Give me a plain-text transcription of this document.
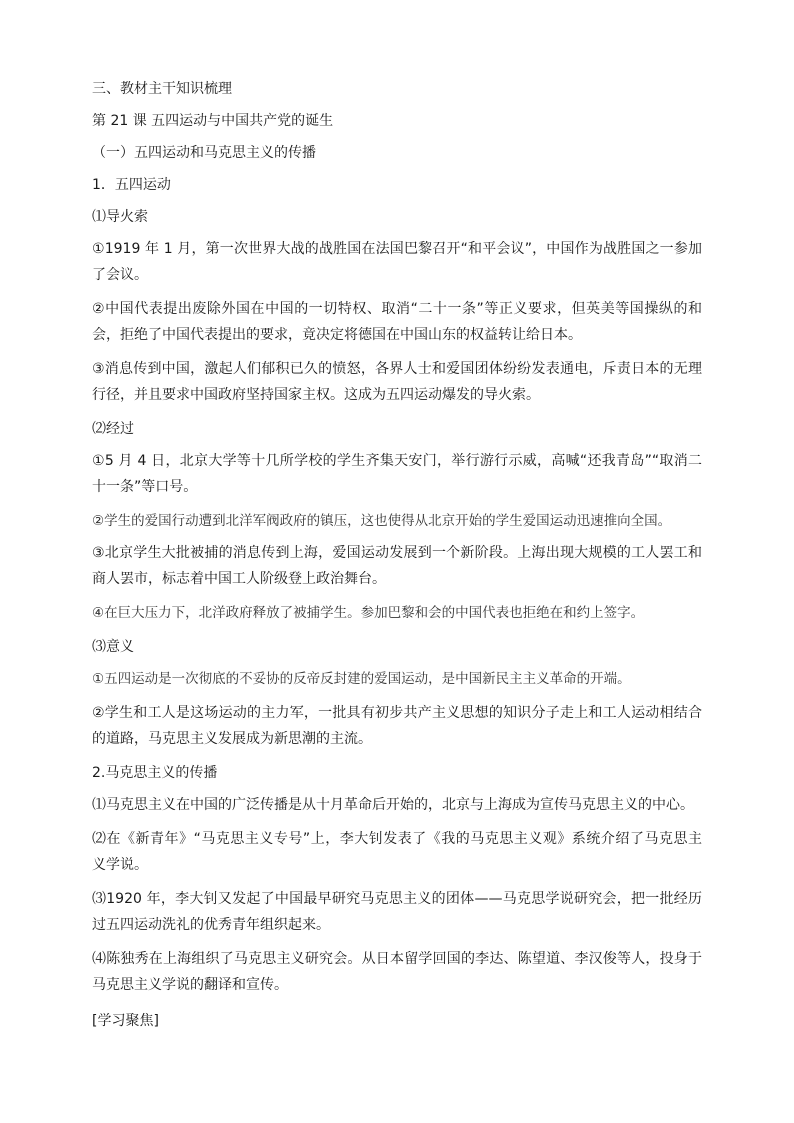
三、教材主干知识梳理
第 21 课 五四运动与中国共产党的诞生
（一）五四运动和马克思主义的传播
1．五四运动
⑴导火索
①1919 年 1 月，第一次世界大战的战胜国在法国巴黎召开“和平会议”，中国作为战胜国之一参加
了会议。
②中国代表提出废除外国在中国的一切特权、取消“二十一条”等正义要求，但英美等国操纵的和
会，拒绝了中国代表提出的要求，竟决定将德国在中国山东的权益转让给日本。
③消息传到中国，激起人们郁积已久的愤怒，各界人士和爱国团体纷纷发表通电，斥责日本的无理
行径，并且要求中国政府坚持国家主权。这成为五四运动爆发的导火索。
⑵经过
①5 月 4 日，北京大学等十几所学校的学生齐集天安门，举行游行示威，高喊“还我青岛”“取消二
十一条”等口号。
②学生的爱国行动遭到北洋军阀政府的镇压，这也使得从北京开始的学生爱国运动迅速推向全国。
③北京学生大批被捕的消息传到上海，爱国运动发展到一个新阶段。上海出现大规模的工人罢工和
商人罢市，标志着中国工人阶级登上政治舞台。
④在巨大压力下，北洋政府释放了被捕学生。参加巴黎和会的中国代表也拒绝在和约上签字。
⑶意义
①五四运动是一次彻底的不妥协的反帝反封建的爱国运动，是中国新民主主义革命的开端。
②学生和工人是这场运动的主力军，一批具有初步共产主义思想的知识分子走上和工人运动相结合
的道路，马克思主义发展成为新思潮的主流。
2.马克思主义的传播
⑴马克思主义在中国的广泛传播是从十月革命后开始的，北京与上海成为宣传马克思主义的中心。
⑵在《新青年》“马克思主义专号”上，李大钊发表了《我的马克思主义观》系统介绍了马克思主
义学说。
⑶1920 年，李大钊又发起了中国最早研究马克思主义的团体——马克思学说研究会，把一批经历
过五四运动洗礼的优秀青年组织起来。
⑷陈独秀在上海组织了马克思主义研究会。从日本留学回国的李达、陈望道、李汉俊等人，投身于
马克思主义学说的翻译和宣传。
[学习聚焦]
